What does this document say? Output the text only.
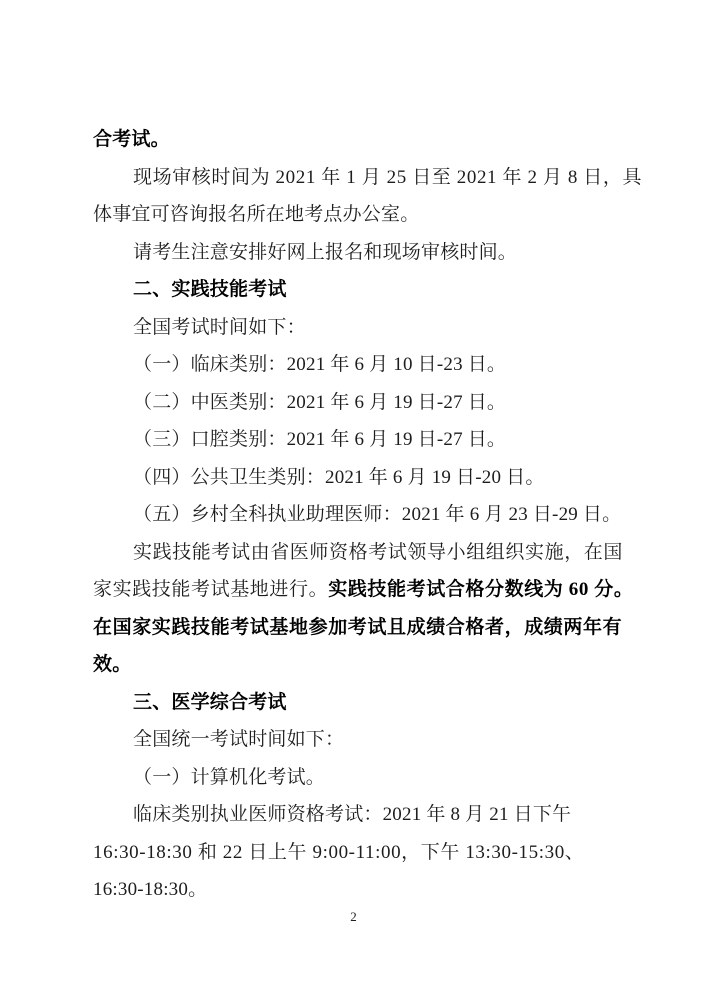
合考试。
现场审核时间为 2021 年 1 月 25 日至 2021 年 2 月 8 日，具
体事宜可咨询报名所在地考点办公室。
请考生注意安排好网上报名和现场审核时间。
二、实践技能考试
全国考试时间如下：
（一）临床类别：2021 年 6 月 10 日-23 日。
（二）中医类别：2021 年 6 月 19 日-27 日。
（三）口腔类别：2021 年 6 月 19 日-27 日。
（四）公共卫生类别：2021 年 6 月 19 日-20 日。
（五）乡村全科执业助理医师：2021 年 6 月 23 日-29 日。
实践技能考试由省医师资格考试领导小组组织实施，在国
家实践技能考试基地进行。实践技能考试合格分数线为 60 分。
在国家实践技能考试基地参加考试且成绩合格者，成绩两年有
效。
三、医学综合考试
全国统一考试时间如下：
（一）计算机化考试。
临床类别执业医师资格考试：2021 年 8 月 21 日下午
16:30-18:30 和 22 日上午 9:00-11:00，下午 13:30-15:30、
16:30-18:30。
2
